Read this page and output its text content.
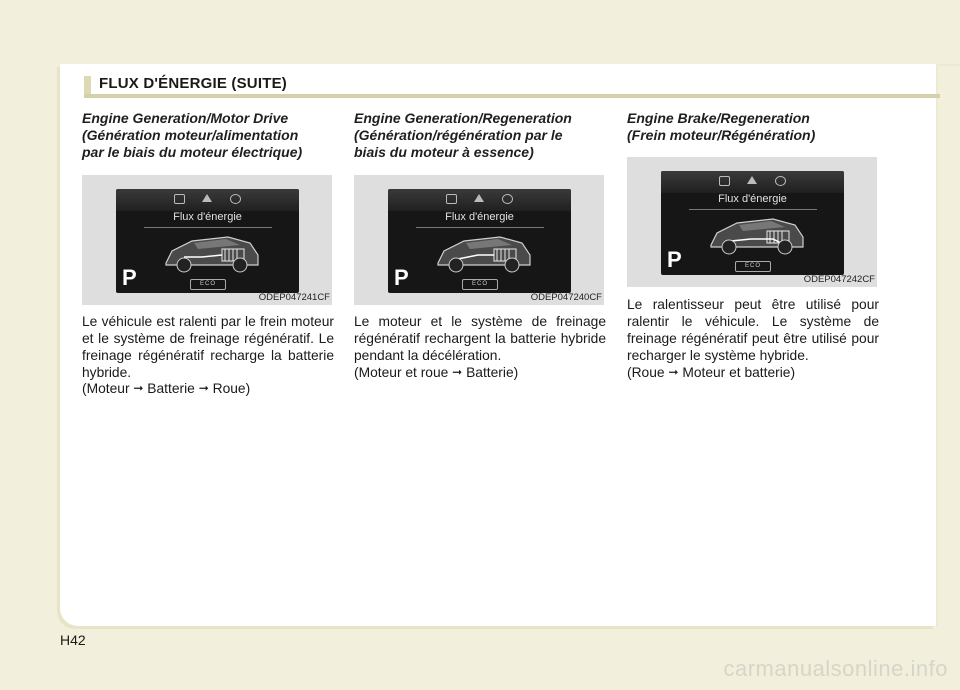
FLUX D'ÉNERGIE (SUITE)

Engine Generation/Motor Drive
(Génération moteur/alimentation
par le biais du moteur électrique)

Flux d'énergie
P	ECO
ODEP047241CF

Le véhicule est ralenti par le frein moteur et le système de freinage régénératif. Le freinage régénératif recharge la batterie hybride.

(Moteur ➞ Batterie ➞ Roue)

Engine Generation/Regeneration
(Génération/régénération par le
biais du moteur à essence)

Flux d'énergie
P	ECO
ODEP047240CF

Le moteur et le système de freinage régénératif rechargent la batterie hybride pendant la décélération.

(Moteur et roue ➞ Batterie)

Engine Brake/Regeneration
(Frein moteur/Régénération)

Flux d'énergie
P	ECO
ODEP047242CF

Le ralentisseur peut être utilisé pour ralentir le véhicule. Le système de freinage régénératif peut être utilisé pour recharger le système hybride.

(Roue ➞ Moteur et batterie)

H42
carmanualsonline.info
